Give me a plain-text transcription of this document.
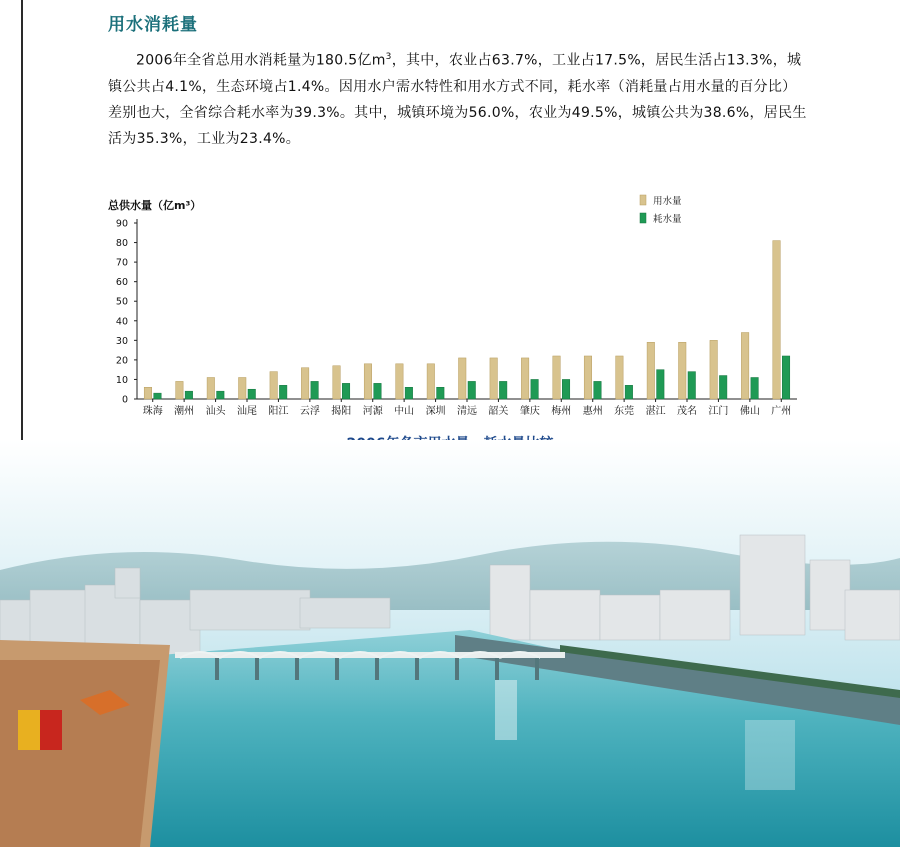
用水消耗量
2006年全省总用水消耗量为180.5亿$m^3$，其中，农业占63.7%，工业占17.5%，居民生活占13.3%，城镇公共占4.1%，生态环境占1.4%。因用水户需水特性和用水方式不同，耗水率（消耗量占用水量的百分比）差别也大，全省综合耗水率为39.3%。其中，城镇环境为56.0%，农业为49.5%，城镇公共为38.6%，居民生活为35.3%，工业为23.4%。
总供水量（亿m³）
0
10
20
30
40
50
60
70
80
90
珠海 潮州 汕头 汕尾 阳江 云浮 揭阳 河源 中山 深圳 清远 韶关 肇庆 梅州 惠州 东莞 湛江 茂名 江门 佛山 广州
用水量
耗水量
